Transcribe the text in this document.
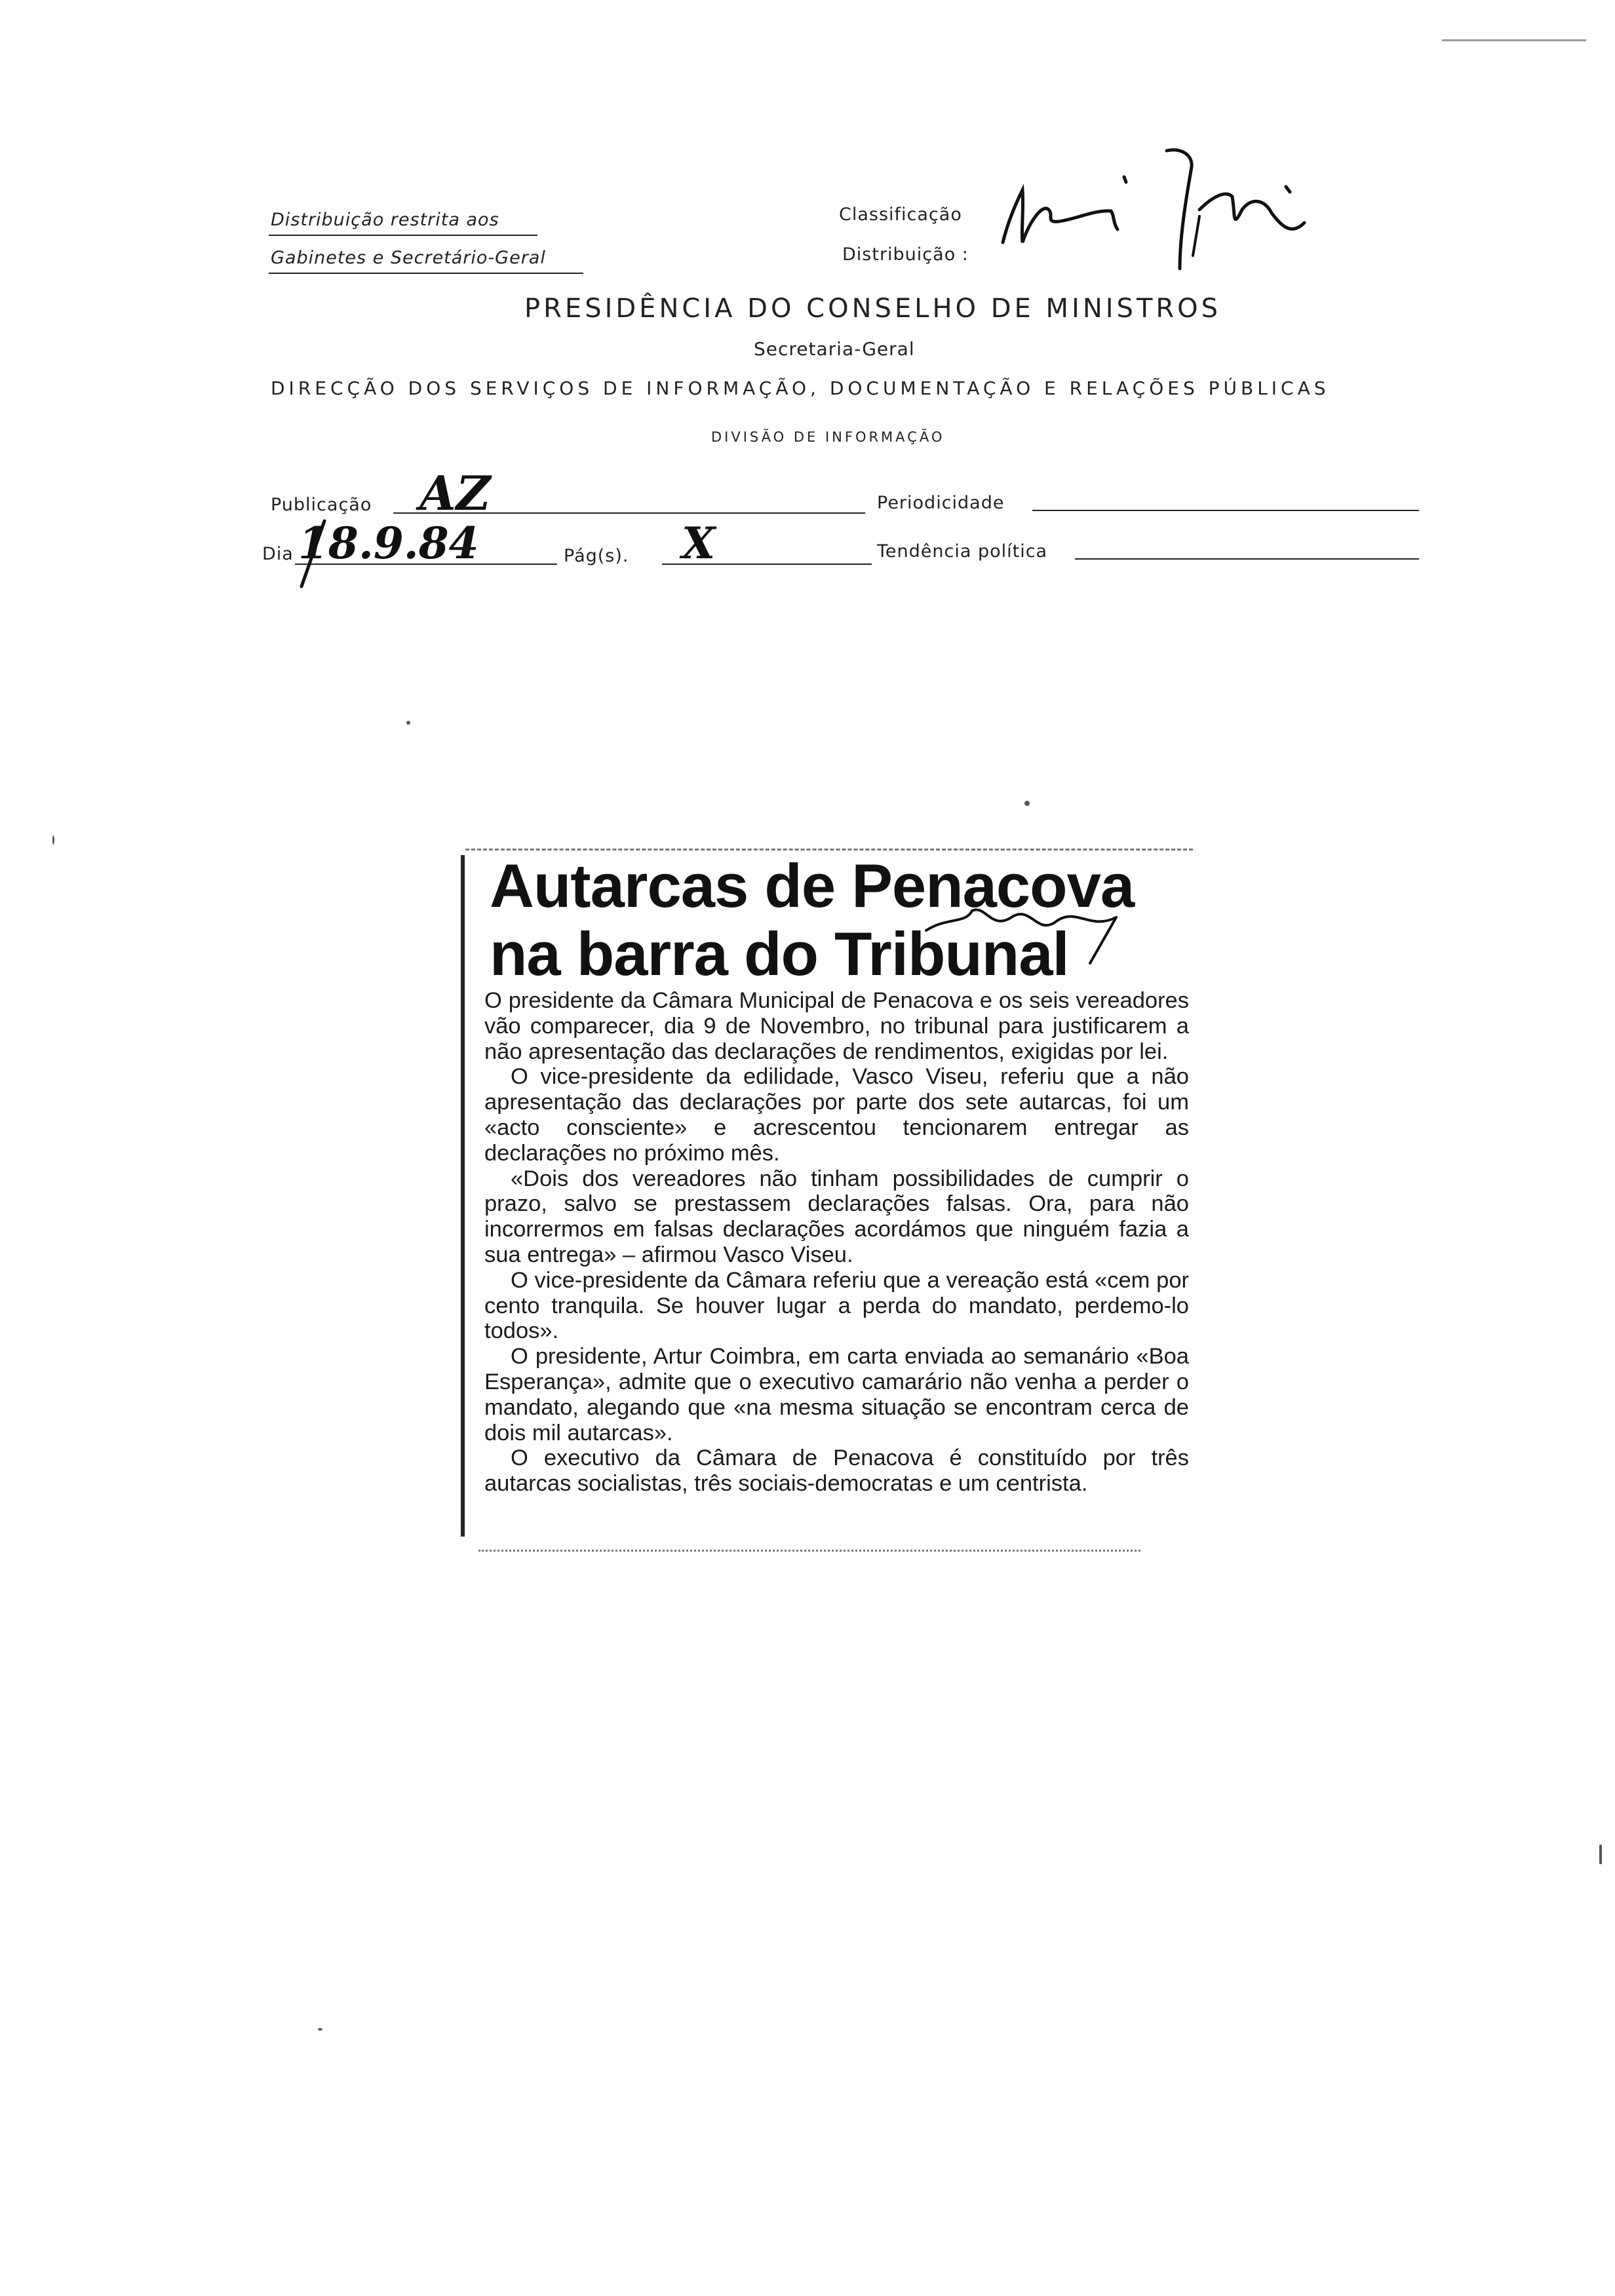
Distribuição restrita aos
Gabinetes e Secretário-Geral
Classificação
Distribuição :
PRESIDÊNCIA DO CONSELHO DE MINISTROS
Secretaria-Geral
DIRECÇÃO DOS SERVIÇOS DE INFORMAÇÃO, DOCUMENTAÇÃO E RELAÇÕES PÚBLICAS
DIVISÃO DE INFORMAÇÃO
Publicação AZ	Periodicidade
Dia 18.9.84	Pág(s). X	Tendência política

Autarcas de Penacova

na barra do Tribunal

O presidente da Câmara Municipal de Penacova e os seis vereadores vão comparecer, dia 9 de Novembro, no tribunal para justificarem a não apresentação das declarações de rendimentos, exigidas por lei.

O vice-presidente da edilidade, Vasco Viseu, referiu que a não apresentação das declarações por parte dos sete autarcas, foi um «acto consciente» e acrescentou tencionarem entregar as declarações no próximo mês.

«Dois dos vereadores não tinham possibilidades de cumprir o prazo, salvo se prestassem declarações falsas. Ora, para não incorrermos em falsas declarações acordámos que ninguém fazia a sua entrega» – afirmou Vasco Viseu.

O vice-presidente da Câmara referiu que a vereação está «cem por cento tranquila. Se houver lugar a perda do mandato, perdemo-lo todos».

O presidente, Artur Coimbra, em carta enviada ao semanário «Boa Esperança», admite que o executivo camarário não venha a perder o mandato, alegando que «na mesma situação se encontram cerca de dois mil autarcas».

O executivo da Câmara de Penacova é constituído por três autarcas socialistas, três sociais-democratas e um centrista.
